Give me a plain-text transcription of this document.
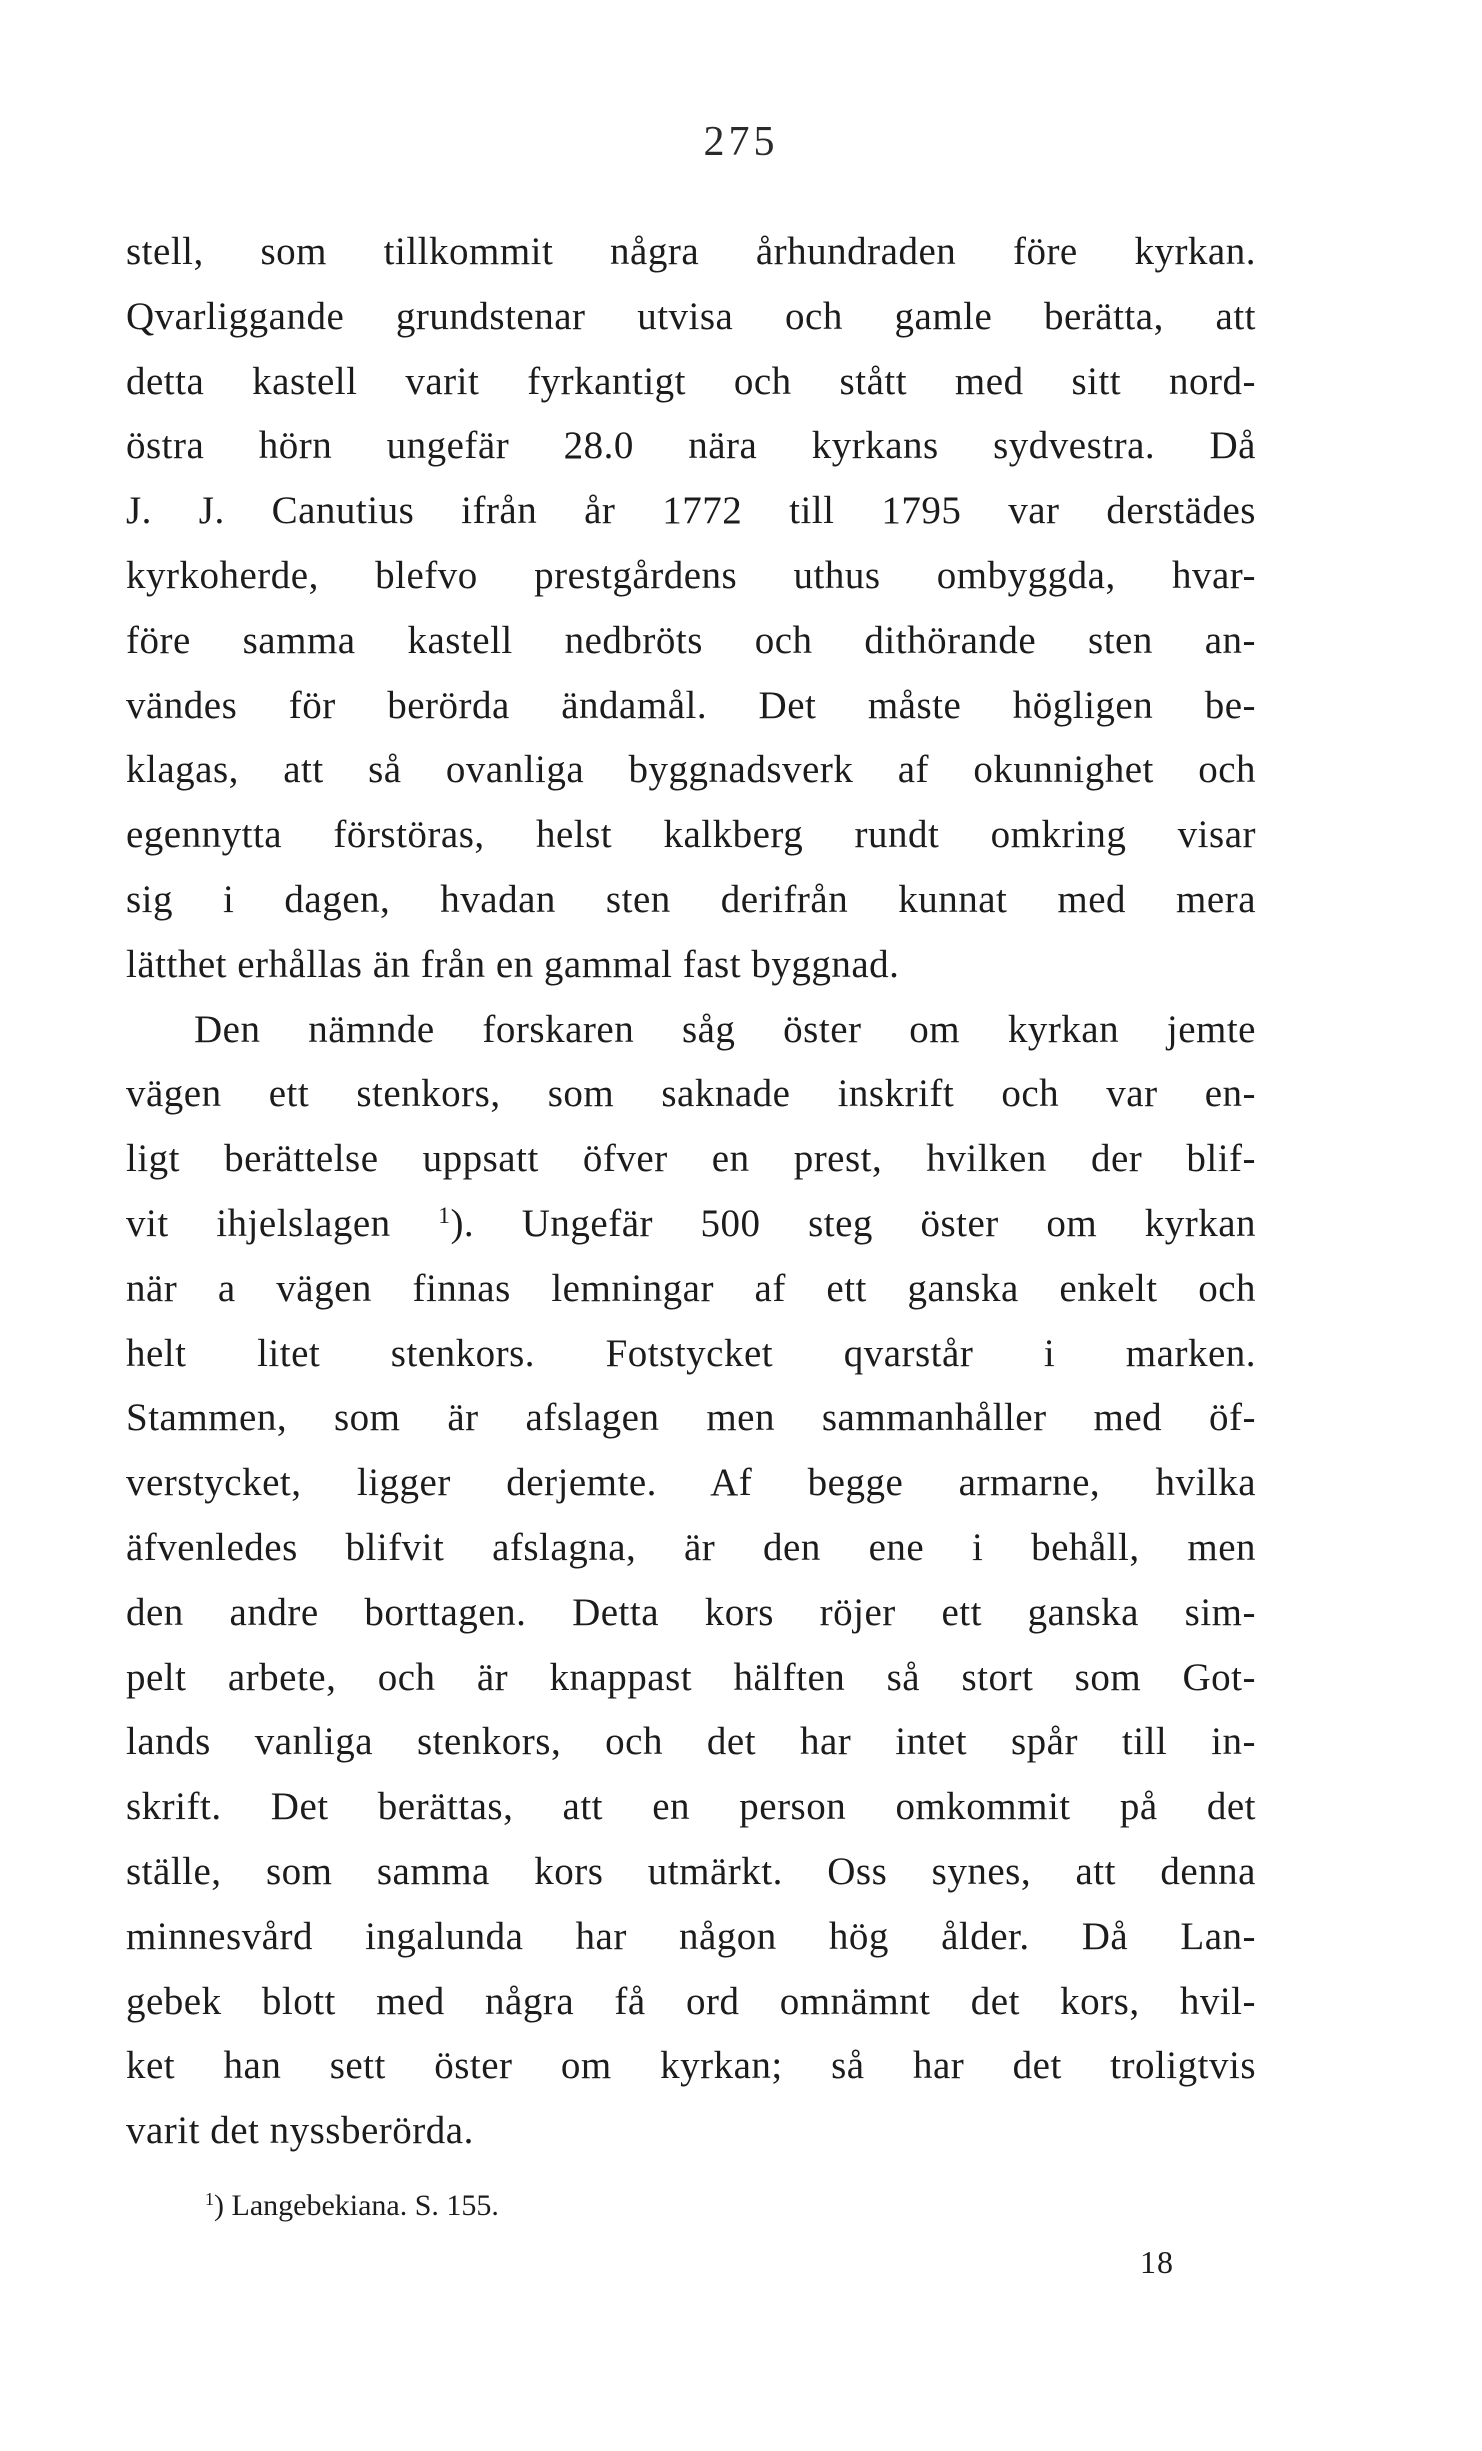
275
stell, som tillkommit några århundraden före kyrkan.
Qvarliggande grundstenar utvisa och gamle berätta, att
detta kastell varit fyrkantigt och stått med sitt nord-
östra hörn ungefär 28.0 nära kyrkans sydvestra. Då
J. J. Canutius ifrån år 1772 till 1795 var derstädes
kyrkoherde, blefvo prestgårdens uthus ombyggda, hvar-
före samma kastell nedbröts och dithörande sten an-
vändes för berörda ändamål. Det måste högligen be-
klagas, att så ovanliga byggnadsverk af okunnighet och
egennytta förstöras, helst kalkberg rundt omkring visar
sig i dagen, hvadan sten derifrån kunnat med mera
lätthet erhållas än från en gammal fast byggnad.
Den nämnde forskaren såg öster om kyrkan jemte
vägen ett stenkors, som saknade inskrift och var en-
ligt berättelse uppsatt öfver en prest, hvilken der blif-
vit ihjelslagen $^1$). Ungefär 500 steg öster om kyrkan
när a vägen finnas lemningar af ett ganska enkelt och
helt litet stenkors. Fotstycket qvarstår i marken.
Stammen, som är afslagen men sammanhåller med öf-
verstycket, ligger derjemte. Af begge armarne, hvilka
äfvenledes blifvit afslagna, är den ene i behåll, men
den andre borttagen. Detta kors röjer ett ganska sim-
pelt arbete, och är knappast hälften så stort som Got-
lands vanliga stenkors, och det har intet spår till in-
skrift. Det berättas, att en person omkommit på det
ställe, som samma kors utmärkt. Oss synes, att denna
minnesvård ingalunda har någon hög ålder. Då Lan-
gebek blott med några få ord omnämnt det kors, hvil-
ket han sett öster om kyrkan; så har det troligtvis
varit det nyssberörda.
$^1$) Langebekiana. S. 155.
18
